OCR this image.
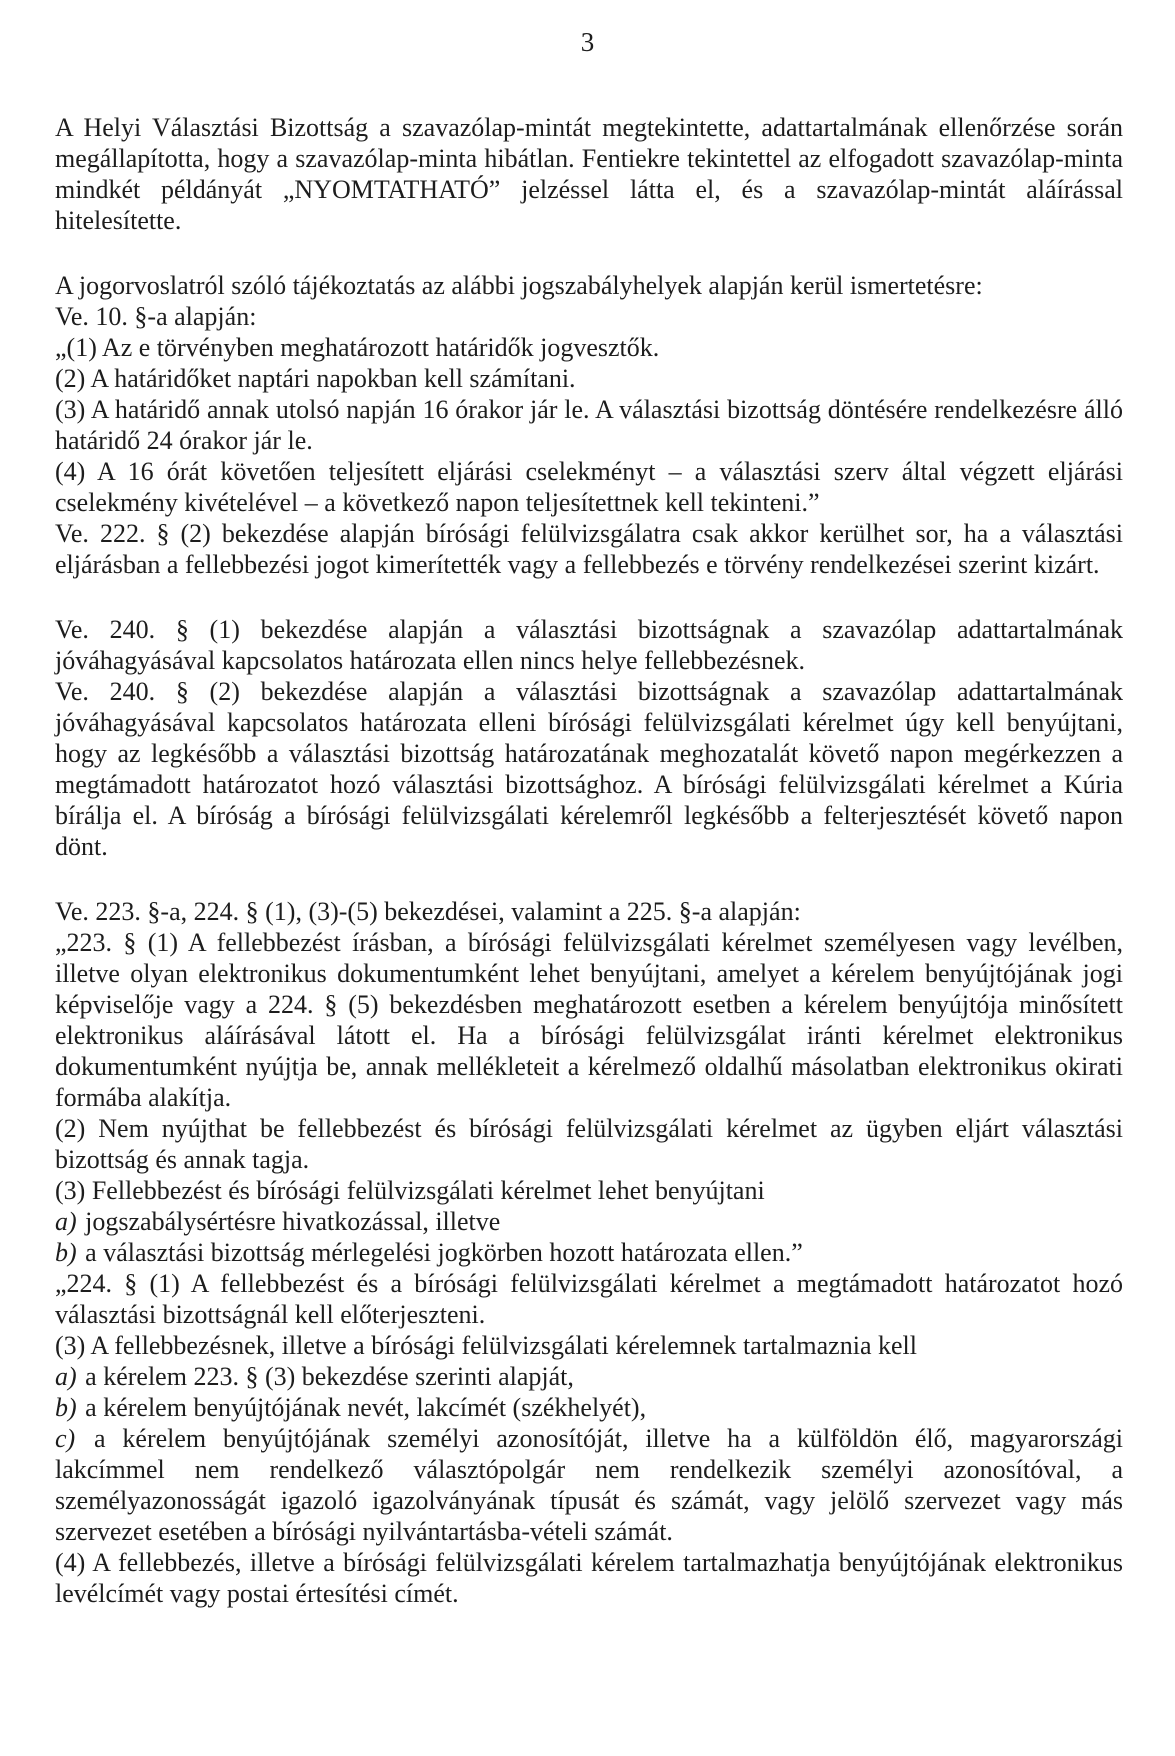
3

A Helyi Választási Bizottság a szavazólap-mintát megtekintette, adattartalmának ellenőrzése során megállapította, hogy a szavazólap-minta hibátlan. Fentiekre tekintettel az elfogadott szavazólap-minta mindkét példányát „NYOMTATHATÓ” jelzéssel látta el, és a szavazólap-mintát aláírással hitelesítette.

A jogorvoslatról szóló tájékoztatás az alábbi jogszabályhelyek alapján kerül ismertetésre:

Ve. 10. §-a alapján:

„(1) Az e törvényben meghatározott határidők jogvesztők.

(2) A határidőket naptári napokban kell számítani.

(3) A határidő annak utolsó napján 16 órakor jár le. A választási bizottság döntésére rendelkezésre álló határidő 24 órakor jár le.

(4) A 16 órát követően teljesített eljárási cselekményt – a választási szerv által végzett eljárási cselekmény kivételével – a következő napon teljesítettnek kell tekinteni.”

Ve. 222. § (2) bekezdése alapján bírósági felülvizsgálatra csak akkor kerülhet sor, ha a választási eljárásban a fellebbezési jogot kimerítették vagy a fellebbezés e törvény rendelkezései szerint kizárt.

Ve. 240. § (1) bekezdése alapján a választási bizottságnak a szavazólap adattartalmának jóváhagyásával kapcsolatos határozata ellen nincs helye fellebbezésnek.

Ve. 240. § (2) bekezdése alapján a választási bizottságnak a szavazólap adattartalmának jóváhagyásával kapcsolatos határozata elleni bírósági felülvizsgálati kérelmet úgy kell benyújtani, hogy az legkésőbb a választási bizottság határozatának meghozatalát követő napon megérkezzen a megtámadott határozatot hozó választási bizottsághoz. A bírósági felülvizsgálati kérelmet a Kúria bírálja el. A bíróság a bírósági felülvizsgálati kérelemről legkésőbb a felterjesztését követő napon dönt.

Ve. 223. §-a, 224. § (1), (3)-(5) bekezdései, valamint a 225. §-a alapján:

„223. § (1) A fellebbezést írásban, a bírósági felülvizsgálati kérelmet személyesen vagy levélben, illetve olyan elektronikus dokumentumként lehet benyújtani, amelyet a kérelem benyújtójának jogi képviselője vagy a 224. § (5) bekezdésben meghatározott esetben a kérelem benyújtója minősített elektronikus aláírásával látott el. Ha a bírósági felülvizsgálat iránti kérelmet elektronikus dokumentumként nyújtja be, annak mellékleteit a kérelmező oldalhű másolatban elektronikus okirati formába alakítja.

(2) Nem nyújthat be fellebbezést és bírósági felülvizsgálati kérelmet az ügyben eljárt választási bizottság és annak tagja.

(3) Fellebbezést és bírósági felülvizsgálati kérelmet lehet benyújtani

a) jogszabálysértésre hivatkozással, illetve

b) a választási bizottság mérlegelési jogkörben hozott határozata ellen.”

„224. § (1) A fellebbezést és a bírósági felülvizsgálati kérelmet a megtámadott határozatot hozó választási bizottságnál kell előterjeszteni.

(3) A fellebbezésnek, illetve a bírósági felülvizsgálati kérelemnek tartalmaznia kell

a) a kérelem 223. § (3) bekezdése szerinti alapját,

b) a kérelem benyújtójának nevét, lakcímét (székhelyét),

c) a kérelem benyújtójának személyi azonosítóját, illetve ha a külföldön élő, magyarországi lakcímmel nem rendelkező választópolgár nem rendelkezik személyi azonosítóval, a személyazonosságát igazoló igazolványának típusát és számát, vagy jelölő szervezet vagy más szervezet esetében a bírósági nyilvántartásba-vételi számát.

(4) A fellebbezés, illetve a bírósági felülvizsgálati kérelem tartalmazhatja benyújtójának elektronikus levélcímét vagy postai értesítési címét.
